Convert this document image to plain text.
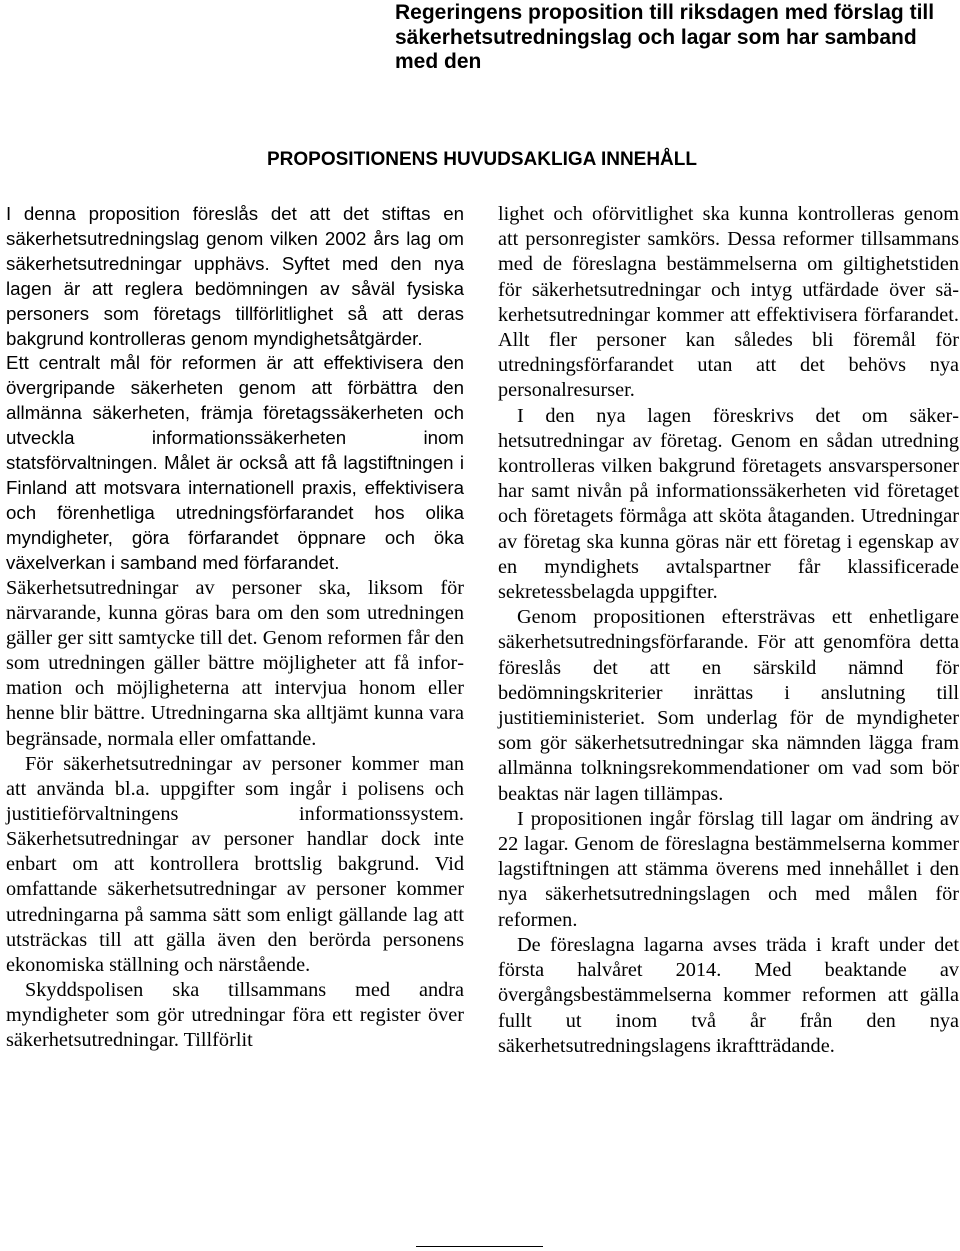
Regeringens proposition till riksdagen med förslag till säkerhetsutredningslag och lagar som har samband med den
PROPOSITIONENS HUVUDSAKLIGA INNEHÅLL

I denna proposition föreslås det att det stiftas en säkerhetsutredningslag genom vilken 2002 års lag om säkerhetsutredningar upphävs. Syftet med den nya lagen är att reglera bedömningen av såväl fysiska personers som företags tillförlitlighet så att deras bakgrund kontrolleras genom myndighetsåtgärder.

Ett centralt mål för reformen är att effektivisera den övergripande säkerheten genom att förbättra den allmänna säkerheten, främja företagssäkerheten och utveckla informationssäkerheten inom statsförvaltningen. Målet är också att få lagstiftningen i Finland att motsvara internationell praxis, effektivisera och förenhetliga utredningsförfarandet hos olika myndigheter, göra förfarandet öppnare och öka växelverkan i samband med förfarandet.

Säkerhetsutredningar av personer ska, liksom för närvarande, kunna göras bara om den som utredningen gäller ger sitt samtycke till det. Genom reformen får den som utredningen gäller bättre möjligheter att få information och möjligheterna att intervjua honom eller henne blir bättre. Utredningarna ska alltjämt kunna vara begränsade, normala eller omfattande.

För säkerhetsutredningar av personer kommer man att använda bl.a. uppgifter som ingår i polisens och justitieförvaltningens informationssystem. Säkerhetsutredningar av personer handlar dock inte enbart om att kontrollera brottslig bakgrund. Vid omfattande säkerhetsutredningar av personer kommer utredningarna på samma sätt som enligt gällande lag att utsträckas till att gälla även den berörda personens ekonomiska ställning och närstående.

Skyddspolisen ska tillsammans med andra myndigheter som gör utredningar föra ett register över säkerhetsutredningar. Tillförlit

lighet och oförvitlighet ska kunna kontrolleras genom att personregister samkörs. Dessa reformer tillsammans med de föreslagna bestämmelserna om giltighetstiden för säkerhetsutredningar och intyg utfärdade över säkerhetsutredningar kommer att effektivisera förfarandet. Allt fler personer kan således bli föremål för utredningsförfarandet utan att det behövs nya personalresurser.

I den nya lagen föreskrivs det om säkerhetsutredningar av företag. Genom en sådan utredning kontrolleras vilken bakgrund företagets ansvarspersoner har samt nivån på informationssäkerheten vid företaget och företagets förmåga att sköta åtaganden. Utredningar av företag ska kunna göras när ett företag i egenskap av en myndighets avtalspartner får klassificerade sekretessbelagda uppgifter.

Genom propositionen eftersträvas ett enhetligare säkerhetsutredningsförfarande. För att genomföra detta föreslås det att en särskild nämnd för bedömningskriterier inrättas i anslutning till justitieministeriet. Som underlag för de myndigheter som gör säkerhetsutredningar ska nämnden lägga fram allmänna tolkningsrekommendationer om vad som bör beaktas när lagen tillämpas.

I propositionen ingår förslag till lagar om ändring av 22 lagar. Genom de föreslagna bestämmelserna kommer lagstiftningen att stämma överens med innehållet i den nya säkerhetsutredningslagen och med målen för reformen.

De föreslagna lagarna avses träda i kraft under det första halvåret 2014. Med beaktande av övergångsbestämmelserna kommer reformen att gälla fullt ut inom två år från den nya säkerhetsutredningslagens ikraftträdande.
